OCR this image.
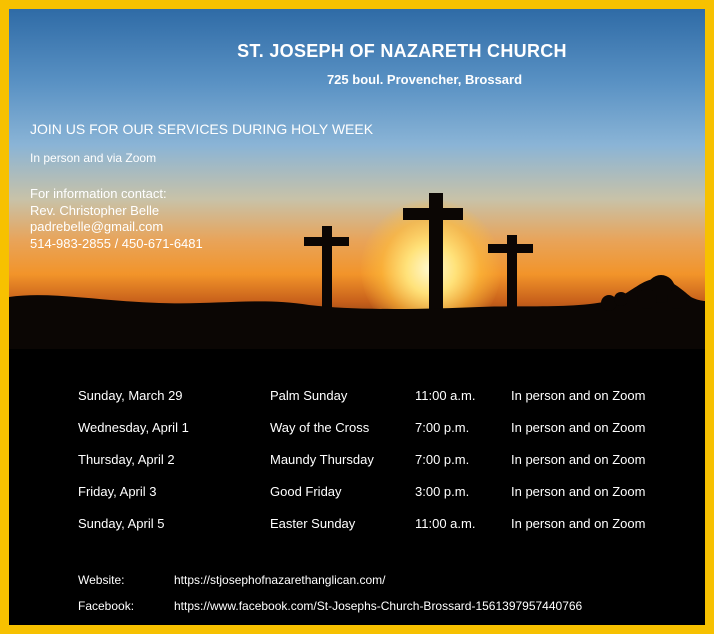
ST. JOSEPH OF NAZARETH CHURCH
725 boul. Provencher, Brossard
JOIN US FOR OUR SERVICES DURING HOLY WEEK
In person and via Zoom
For information contact:
Rev. Christopher Belle
padrebelle@gmail.com
514-983-2855 / 450-671-6481
Sunday, March 29	Palm Sunday	11:00 a.m.	In person and on Zoom
Wednesday, April 1	Way of the Cross	7:00 p.m.	In person and on Zoom
Thursday, April 2	Maundy Thursday	7:00 p.m.	In person and on Zoom
Friday, April 3	Good Friday	3:00 p.m.	In person and on Zoom
Sunday, April 5	Easter Sunday	11:00 a.m.	In person and on Zoom
Website:	https://stjosephofnazarethanglican.com/
Facebook:	https://www.facebook.com/St-Josephs-Church-Brossard-1561397957440766
